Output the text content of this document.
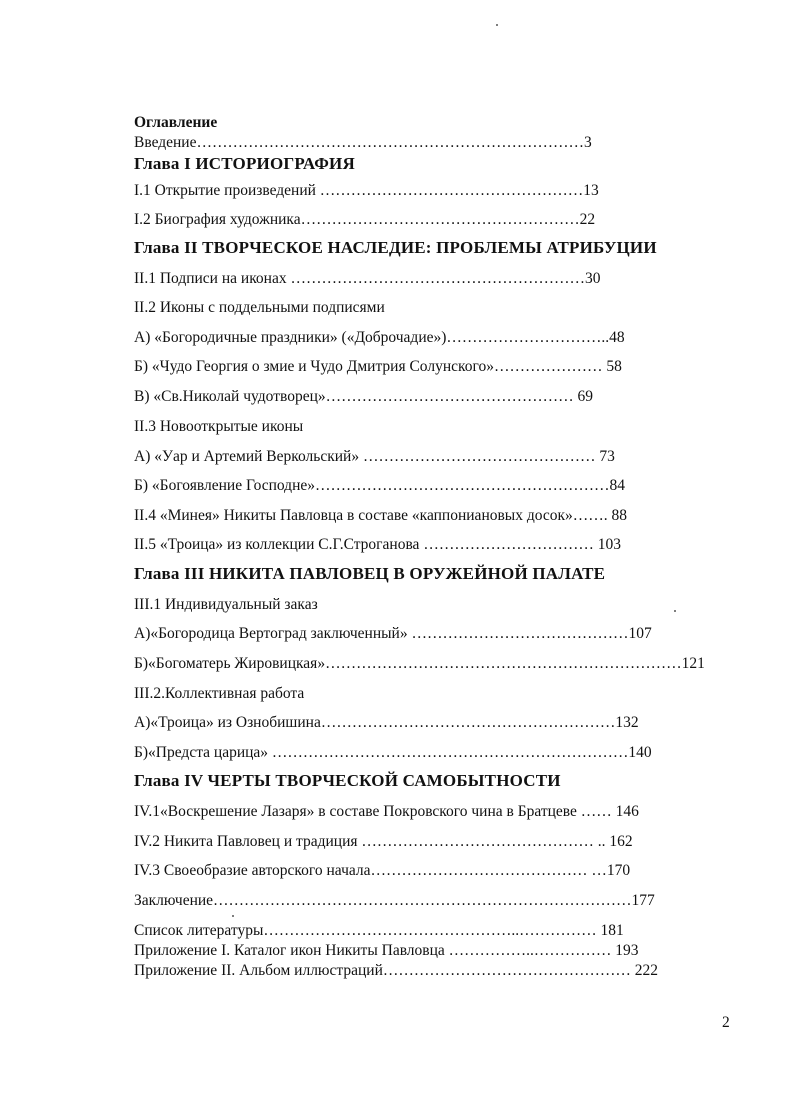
Оглавление
Введение…………………………………………………………………3
Глава I ИСТОРИОГРАФИЯ
I.1 Открытие произведений ……………………………………………13
I.2 Биография художника………………………………………………22
Глава II ТВОРЧЕСКОЕ НАСЛЕДИЕ: ПРОБЛЕМЫ АТРИБУЦИИ
II.1 Подписи на иконах …………………………………………………30
II.2 Иконы с поддельными подписями
А) «Богородичные праздники» («Доброчадие»)…………………………..48
Б) «Чудо Георгия о змие и Чудо Дмитрия Солунского»………………… 58
В) «Св.Николай чудотворец»………………………………………… 69
II.3 Новооткрытые иконы
А) «Уар и Артемий Веркольский» ……………………………………… 73
Б) «Богоявление Господне»…………………………………………………84
II.4 «Минея» Никиты Павловца в составе «каппониановых досок»……. 88
II.5 «Троица» из коллекции С.Г.Строганова …………………………… 103
Глава III НИКИТА ПАВЛОВЕЦ В ОРУЖЕЙНОЙ ПАЛАТЕ
III.1 Индивидуальный заказ
А)«Богородица Вертоград заключенный» ……………………………………107
Б)«Богоматерь Жировицкая»……………………………………………………………121
III.2.Коллективная работа
А)«Троица» из Ознобишина…………………………………………………132
Б)«Предста царица» ……………………………………………………………140
Глава IV ЧЕРТЫ ТВОРЧЕСКОЙ САМОБЫТНОСТИ
IV.1«Воскрешение Лазаря» в составе Покровского чина в Братцеве …… 146
IV.2 Никита Павловец и традиция ……………………………………… .. 162
IV.3 Своеобразие авторского начала…………………………………… …170
Заключение………………………………………………………………………177
Список литературы…………………………………………..…………… 181
Приложение I. Каталог икон Никиты Павловца ……………..…………… 193
Приложение II. Альбом иллюстраций………………………………………… 222
2
